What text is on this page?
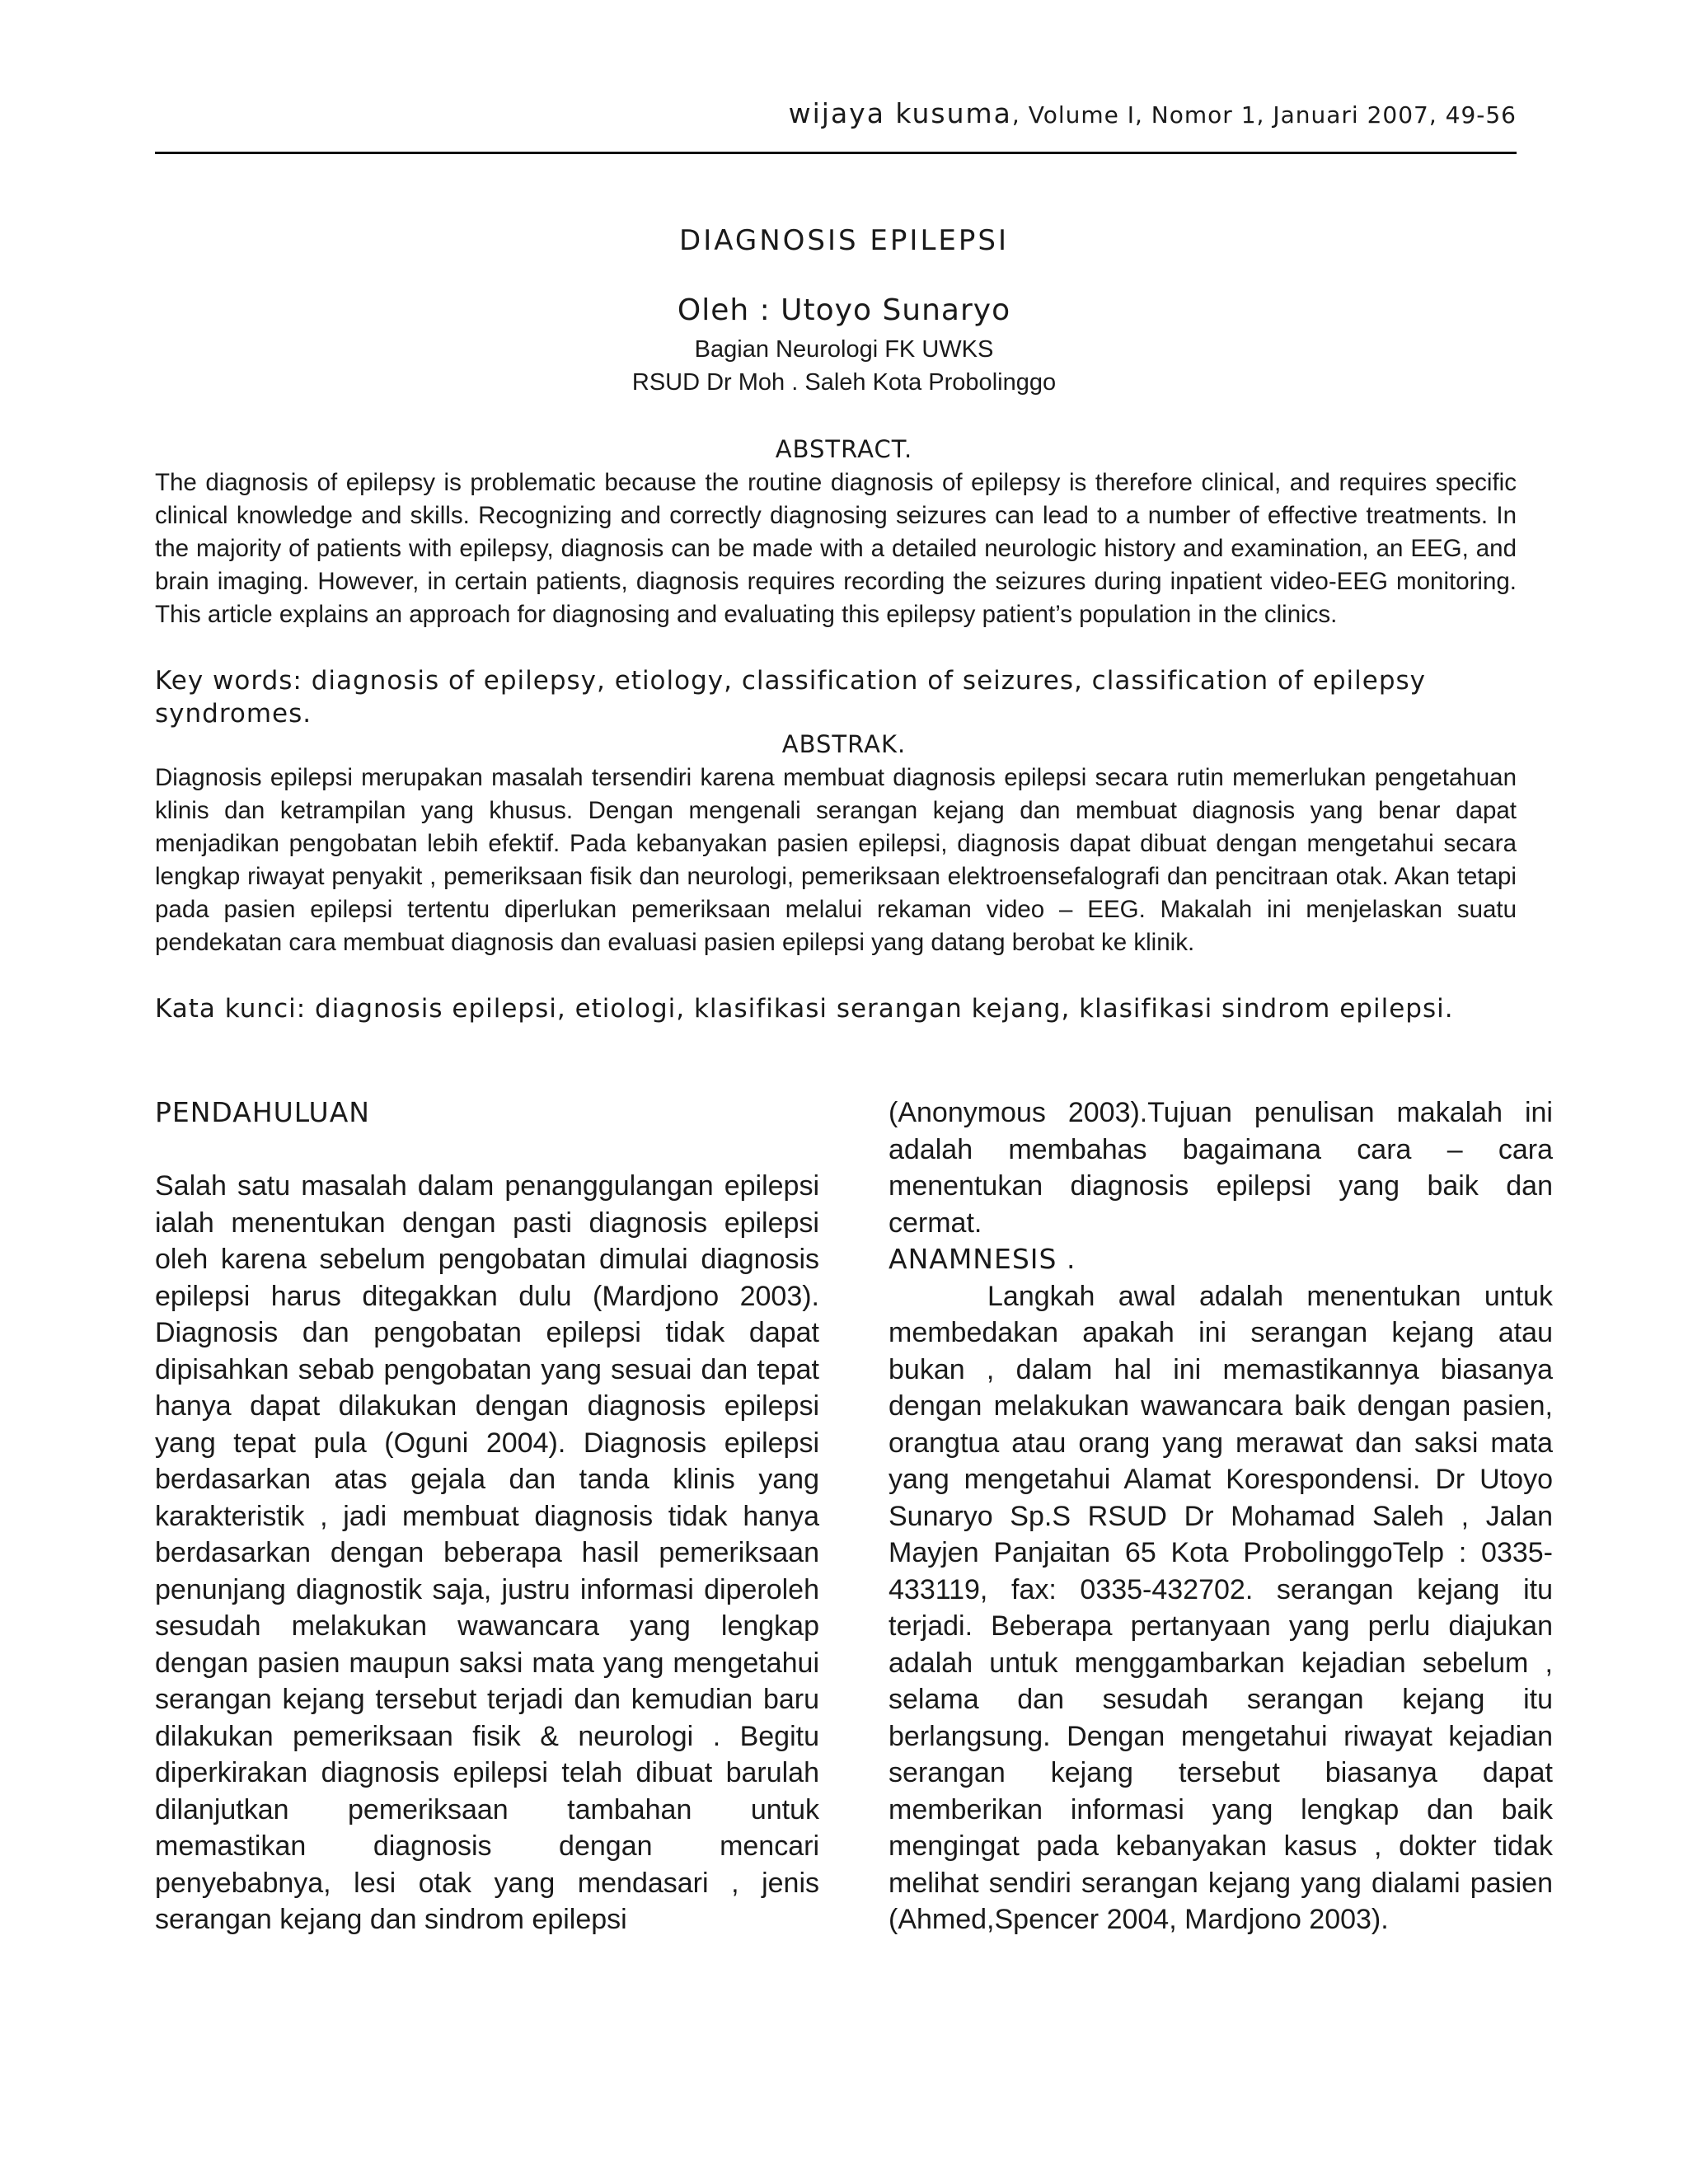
wijaya kusuma, Volume I, Nomor 1, Januari 2007, 49-56
DIAGNOSIS EPILEPSI
Oleh : Utoyo Sunaryo
Bagian Neurologi FK UWKS
RSUD Dr Moh . Saleh Kota Probolinggo
ABSTRACT.
The diagnosis of epilepsy is problematic because the routine diagnosis of epilepsy is therefore clinical, and requires specific clinical knowledge and skills. Recognizing and correctly diagnosing seizures can lead to a number of effective treatments. In the majority of patients with epilepsy, diagnosis can be made with a detailed neurologic history and examination, an EEG, and brain imaging. However, in certain patients, diagnosis requires recording the seizures during inpatient video-EEG monitoring. This article explains an approach for diagnosing and evaluating this epilepsy patient’s population in the clinics.
Key words: diagnosis of epilepsy, etiology, classification of seizures, classification of epilepsy syndromes.
ABSTRAK.
Diagnosis epilepsi merupakan masalah tersendiri karena membuat diagnosis epilepsi secara rutin memerlukan pengetahuan klinis dan ketrampilan yang khusus. Dengan mengenali serangan kejang dan membuat diagnosis yang benar dapat menjadikan pengobatan lebih efektif. Pada kebanyakan pasien epilepsi, diagnosis dapat dibuat dengan mengetahui secara lengkap riwayat penyakit , pemeriksaan fisik dan neurologi, pemeriksaan elektroensefalografi dan pencitraan otak. Akan tetapi pada pasien epilepsi tertentu diperlukan pemeriksaan melalui rekaman video – EEG. Makalah ini menjelaskan suatu pendekatan cara membuat diagnosis dan evaluasi pasien epilepsi yang datang berobat ke klinik.
Kata kunci: diagnosis epilepsi, etiologi, klasifikasi serangan kejang, klasifikasi sindrom epilepsi.
PENDAHULUAN

Salah satu masalah dalam penanggulangan epilepsi ialah menentukan dengan pasti diagnosis epilepsi oleh karena sebelum pengobatan dimulai diagnosis epilepsi harus ditegakkan dulu (Mardjono 2003). Diagnosis dan pengobatan epilepsi tidak dapat dipisahkan sebab pengobatan yang sesuai dan tepat hanya dapat dilakukan dengan diagnosis epilepsi yang tepat pula (Oguni 2004). Diagnosis epilepsi berdasarkan atas gejala dan tanda klinis yang karakteristik , jadi membuat diagnosis tidak hanya berdasarkan dengan beberapa hasil pemeriksaan penunjang diagnostik saja, justru informasi diperoleh sesudah melakukan wawancara yang lengkap dengan pasien maupun saksi mata yang mengetahui serangan kejang tersebut terjadi dan kemudian baru dilakukan pemeriksaan fisik & neurologi . Begitu diperkirakan diagnosis epilepsi telah dibuat barulah dilanjutkan pemeriksaan tambahan untuk memastikan diagnosis dengan mencari penyebabnya, lesi otak yang mendasari , jenis serangan kejang dan sindrom epilepsi

(Anonymous 2003).Tujuan penulisan makalah ini adalah membahas bagaimana cara – cara menentukan diagnosis epilepsi yang baik dan cermat.

ANAMNESIS .

Langkah awal adalah menentukan untuk membedakan apakah ini serangan kejang atau bukan , dalam hal ini memastikannya biasanya dengan melakukan wawancara baik dengan pasien, orangtua atau orang yang merawat dan saksi mata yang mengetahui Alamat Korespondensi. Dr Utoyo Sunaryo Sp.S RSUD Dr Mohamad Saleh , Jalan Mayjen Panjaitan 65 Kota ProbolinggoTelp : 0335-433119, fax: 0335-432702. serangan kejang itu terjadi. Beberapa pertanyaan yang perlu diajukan adalah untuk menggambarkan kejadian sebelum , selama dan sesudah serangan kejang itu berlangsung. Dengan mengetahui riwayat kejadian serangan kejang tersebut biasanya dapat memberikan informasi yang lengkap dan baik mengingat pada kebanyakan kasus , dokter tidak melihat sendiri serangan kejang yang dialami pasien (Ahmed,Spencer 2004, Mardjono 2003).
